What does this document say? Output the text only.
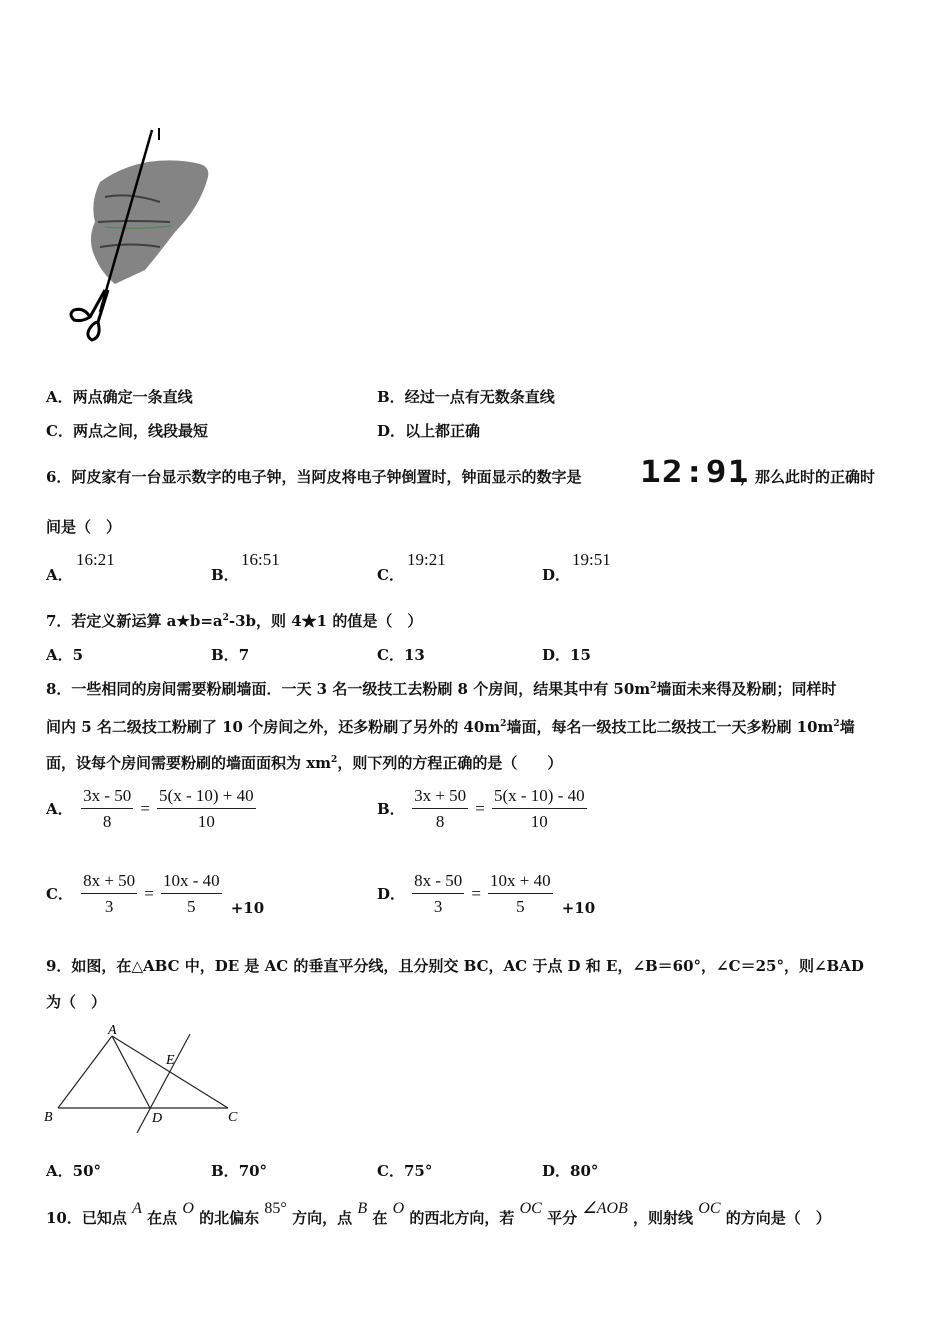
A．两点确定一条直线	B．经过一点有无数条直线
C．两点之间，线段最短	D．以上都正确
6．阿皮家有一台显示数字的电子钟，当阿皮将电子钟倒置时，钟面显示的数字是 12:91
，那么此时的正确时
间是（　）
A．
16:21
B．
16:51
C．
19:21
D．
19:51
7．若定义新运算 $a★b=a^2-3b$，则 4★1 的值是（　）
A．5	B．7	C．13	D．15
8．一些相同的房间需要粉刷墙面．一天 3 名一级技工去粉刷 8 个房间，结果其中有 $50m^2$墙面未来得及粉刷；同样时
间内 5 名二级技工粉刷了 10 个房间之外，还多粉刷了另外的 $40m^2$墙面，每名一级技工比二级技工一天多粉刷 $10m^2$墙
面，设每个房间需要粉刷的墙面面积为 $xm^2$，则下列的方程正确的是（　　）
A． $\frac{3x - 50}{8} = \frac{5(x - 10) + 40}{10}$	B． $\frac{3x + 50}{8} = \frac{5(x - 10) - 40}{10}$
C． $\frac{8x + 50}{3} = \frac{10x - 40}{5} +10$
D． $\frac{8x - 50}{3} = \frac{10x + 40}{5} +10$
9．如图，在△ABC 中，DE 是 AC 的垂直平分线，且分别交 BC，AC 于点 D 和 E，∠B＝60°，∠C＝25°，则∠BAD
为（　）
A
B	C
D
E
A．50°	B．70°	C．75°	D．80°
10．已知点 A 在点 O 的北偏东 85° 方向，点 B 在 O 的西北方向，若 OC 平分 ∠AOB ，则射线 OC 的方向是（　）
